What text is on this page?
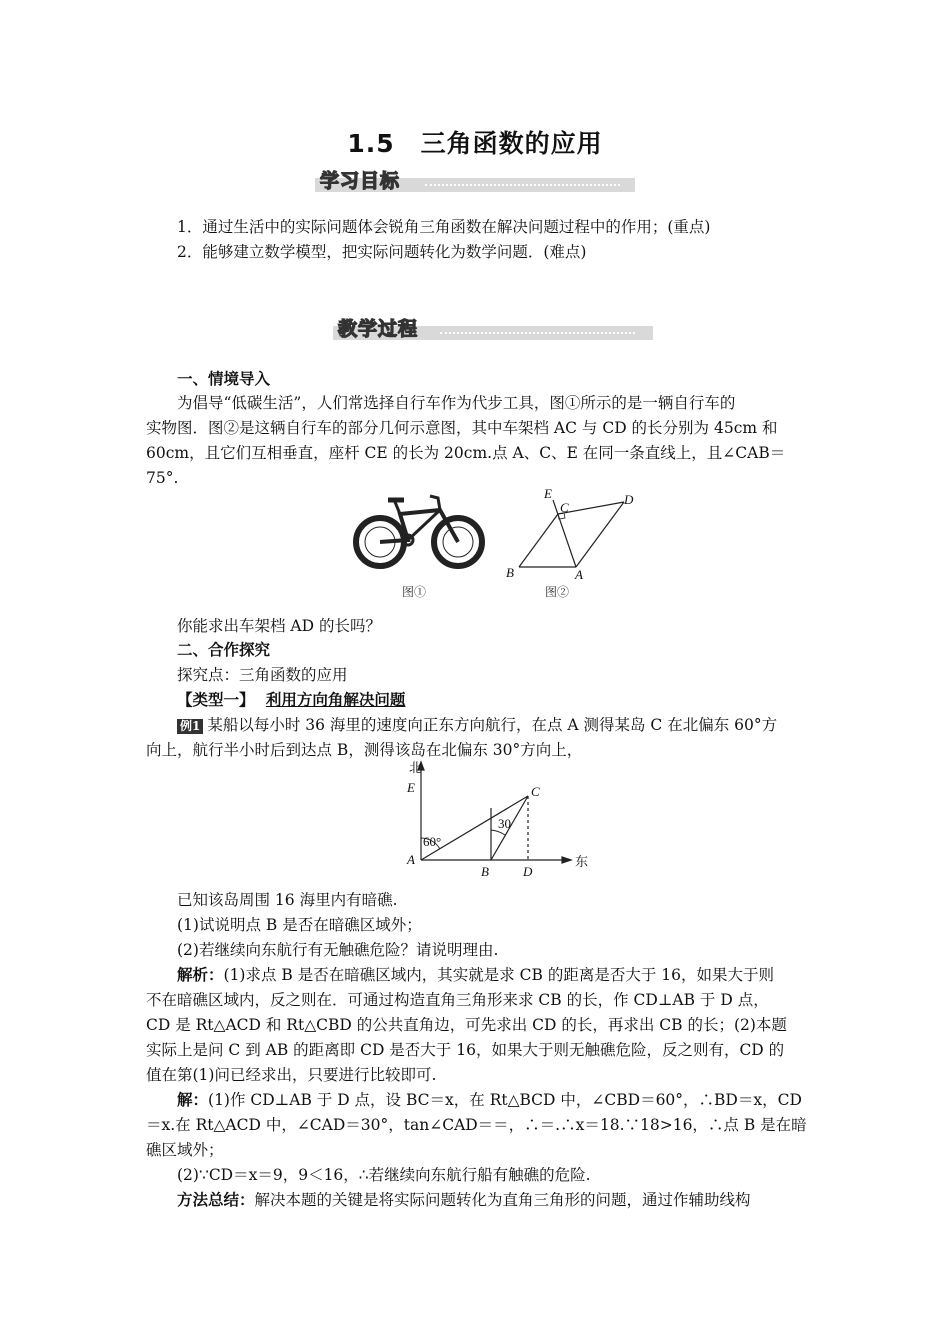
1.5　三角函数的应用
学习目标
1．通过生活中的实际问题体会锐角三角函数在解决问题过程中的作用；(重点)
2．能够建立数学模型，把实际问题转化为数学问题．(难点)
教学过程
一、情境导入
为倡导“低碳生活”，人们常选择自行车作为代步工具，图①所示的是一辆自行车的
实物图．图②是这辆自行车的部分几何示意图，其中车架档 AC 与 CD 的长分别为 45cm 和
60cm，且它们互相垂直，座杆 CE 的长为 20cm.点 A、C、E 在同一条直线上，且∠CAB＝
75°.
图①
E
C
D
B	A
图②
你能求出车架档 AD 的长吗？
二、合作探究
探究点：三角函数的应用
【类型一】 利用方向角解决问题
例1 某船以每小时 36 海里的速度向正东方向航行，在点 A 测得某岛 C 在北偏东 60°方
向上，航行半小时后到达点 B，测得该岛在北偏东 30°方向上，
北
东
E	C
A
B	D
60°
30
已知该岛周围 16 海里内有暗礁.
(1)试说明点 B 是否在暗礁区域外；
(2)若继续向东航行有无触礁危险？请说明理由.
解析：(1)求点 B 是否在暗礁区域内，其实就是求 CB 的距离是否大于 16，如果大于则
不在暗礁区域内，反之则在．可通过构造直角三角形来求 CB 的长，作 CD⊥AB 于 D 点，
CD 是 Rt△ACD 和 Rt△CBD 的公共直角边，可先求出 CD 的长，再求出 CB 的长；(2)本题
实际上是问 C 到 AB 的距离即 CD 是否大于 16，如果大于则无触礁危险，反之则有，CD 的
值在第(1)问已经求出，只要进行比较即可.
解：(1)作 CD⊥AB 于 D 点，设 BC＝x，在 Rt△BCD 中，∠CBD＝60°，∴BD＝x，CD
＝x.在 Rt△ACD 中，∠CAD＝30°，tan∠CAD＝＝，∴＝.∴x＝18.∵18>16，∴点 B 是在暗
礁区域外；
(2)∵CD＝x＝9，9＜16，∴若继续向东航行船有触礁的危险.
方法总结：解决本题的关键是将实际问题转化为直角三角形的问题，通过作辅助线构
